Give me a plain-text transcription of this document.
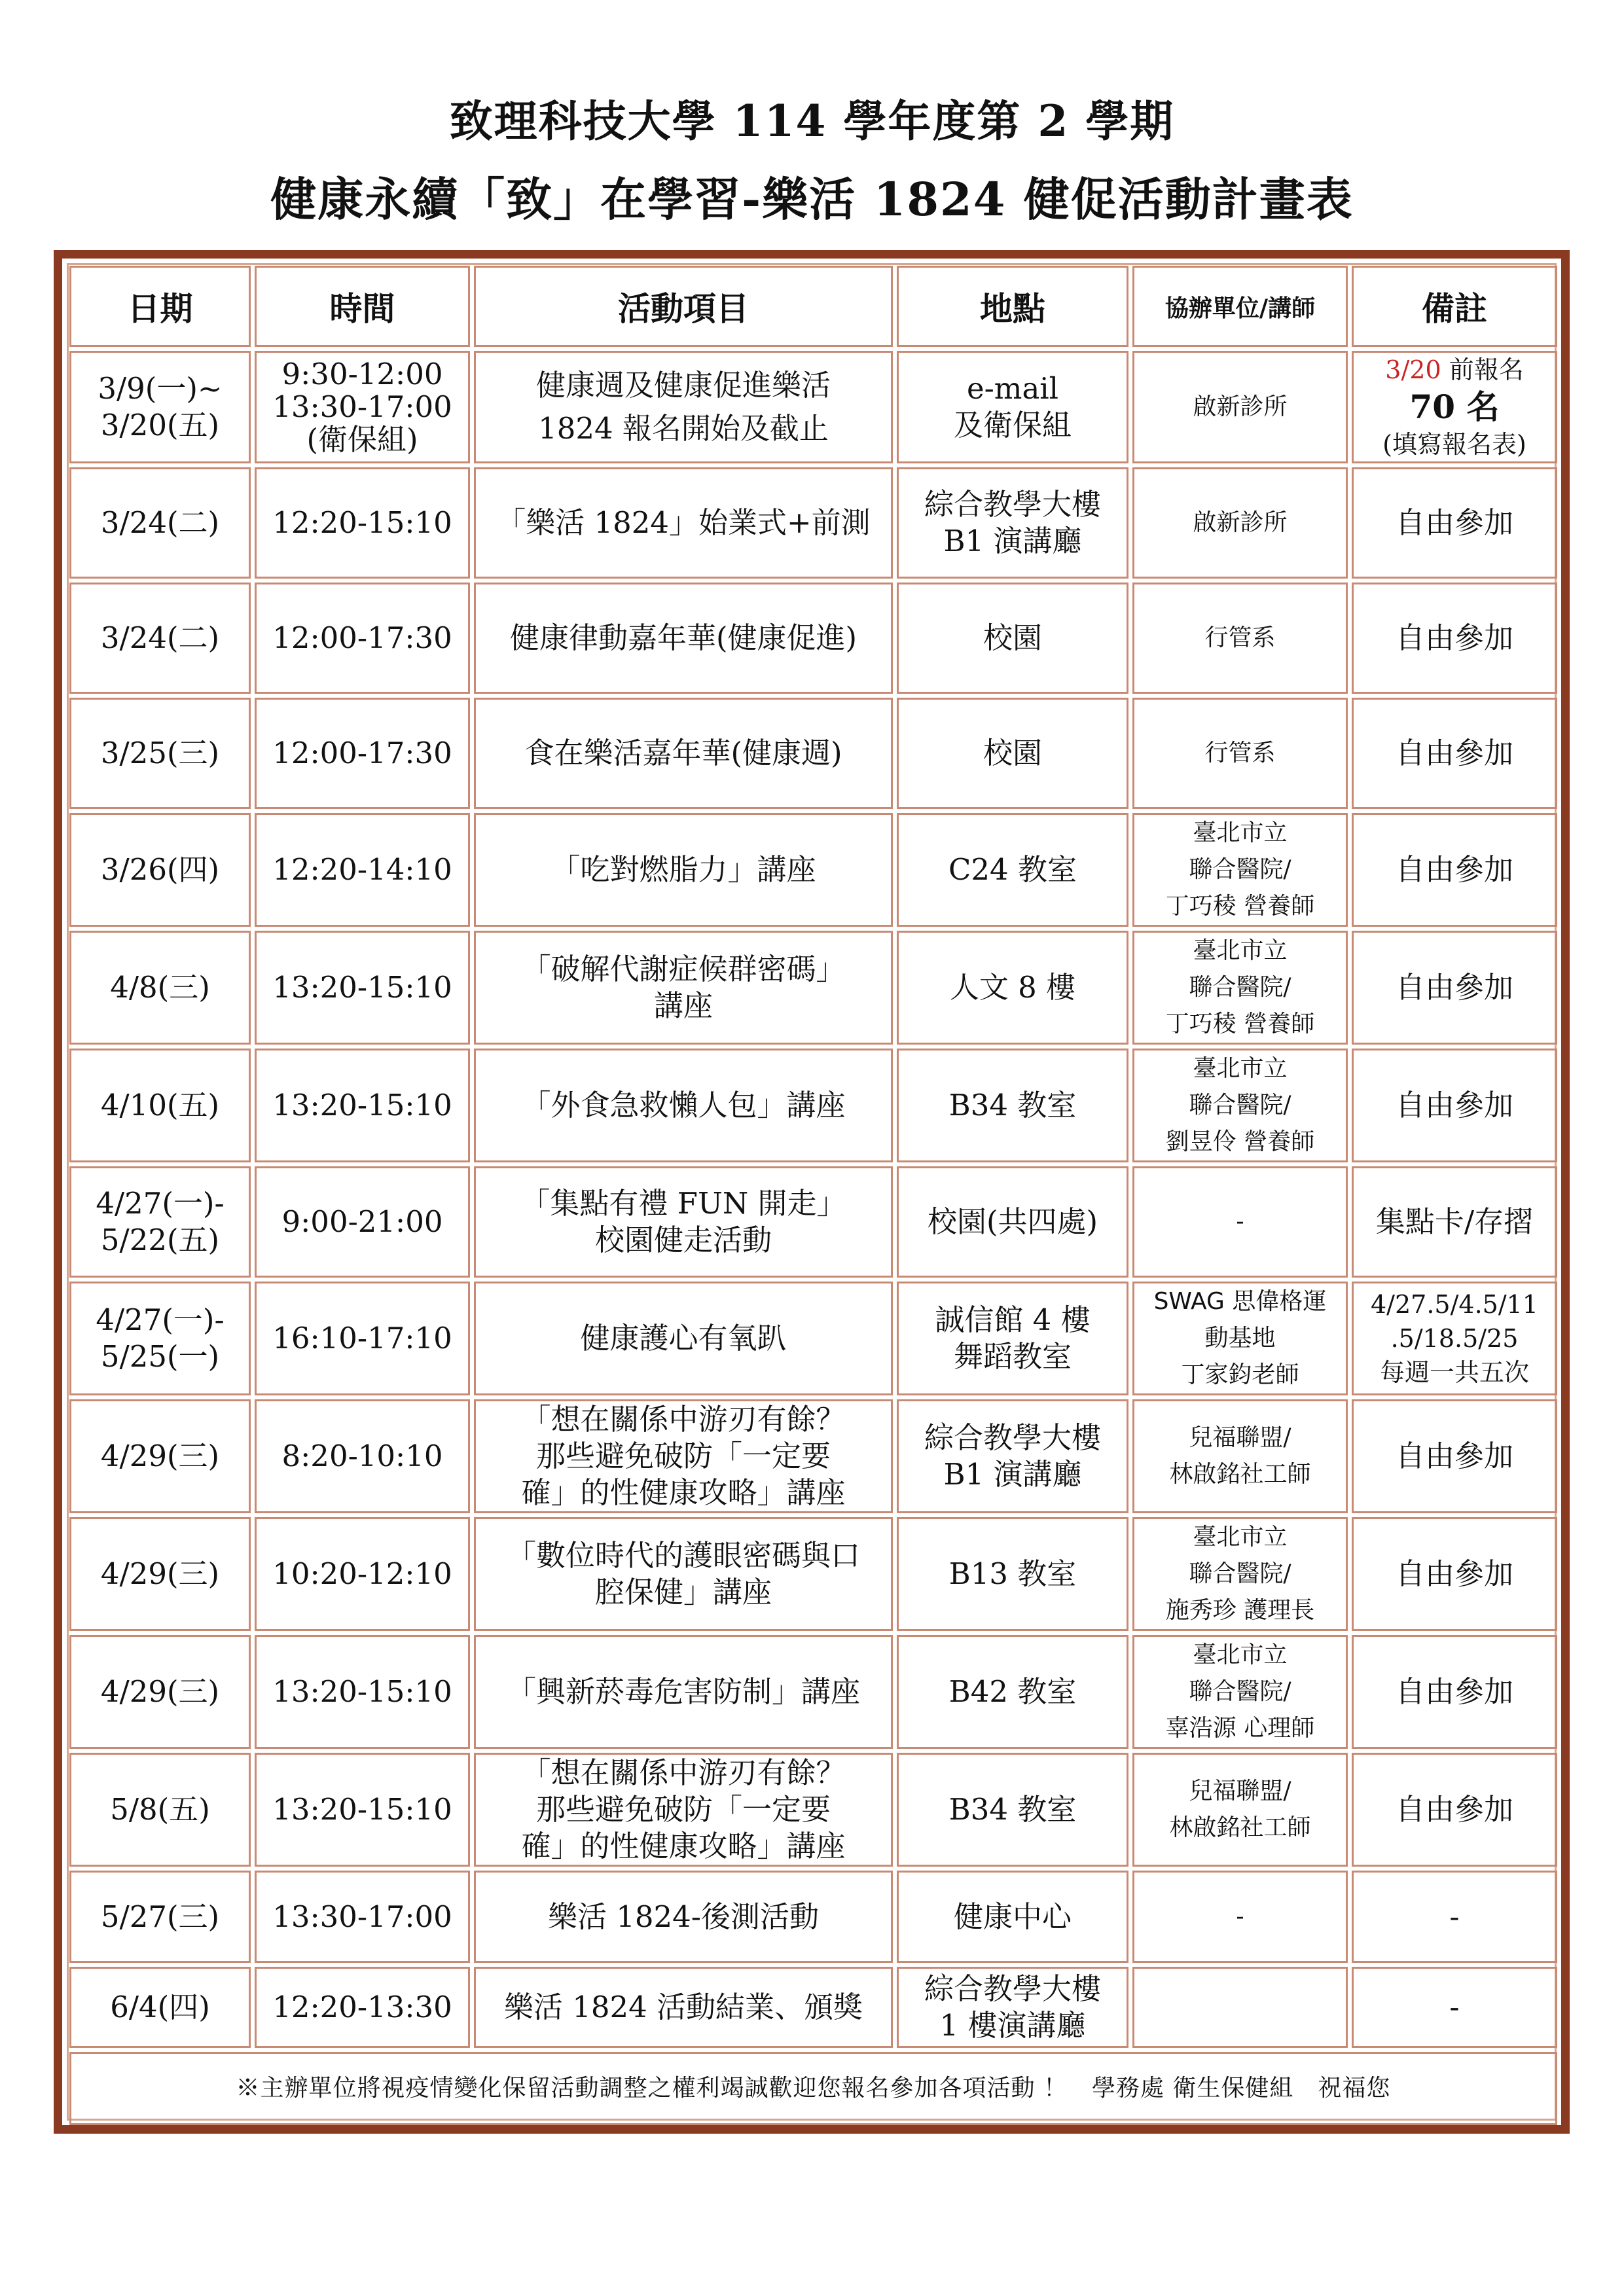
致理科技大學 114 學年度第 2 學期
健康永續「致」在學習-樂活 1824 健促活動計畫表
日期	時間	活動項目	地點	協辦單位/講師	備註

3/9(一)~
3/20(五)	9:30-12:00
13:30-17:00
(衛保組)	健康週及健康促進樂活
1824 報名開始及截止	e-mail
及衛保組	啟新診所	3/20 前報名
70 名
(填寫報名表)

3/24(二)	12:20-15:10	「樂活 1824」始業式+前測	綜合教學大樓
B1 演講廳	啟新診所	自由參加

3/24(二)	12:00-17:30	健康律動嘉年華(健康促進)	校園	行管系	自由參加

3/25(三)	12:00-17:30	食在樂活嘉年華(健康週)	校園	行管系	自由參加

3/26(四)	12:20-14:10	「吃對燃脂力」講座	C24 教室	臺北市立
聯合醫院/
丁巧稜 營養師	自由參加

4/8(三)	13:20-15:10	「破解代謝症候群密碼」
講座	人文 8 樓	臺北市立
聯合醫院/
丁巧稜 營養師	自由參加

4/10(五)	13:20-15:10	「外食急救懶人包」講座	B34 教室	臺北市立
聯合醫院/
劉昱伶 營養師	自由參加

4/27(一)-
5/22(五)	9:00-21:00	「集點有禮 FUN 開走」
校園健走活動	校園(共四處)	-	集點卡/存摺

4/27(一)-
5/25(一)	16:10-17:10	健康護心有氧趴	誠信館 4 樓
舞蹈教室	SWAG 思偉格運
動基地
丁家鈞老師	4/27.5/4.5/11
.5/18.5/25
每週一共五次

4/29(三)	8:20-10:10	「想在關係中游刃有餘？
那些避免破防「一定要
確」的性健康攻略」講座	綜合教學大樓
B1 演講廳	兒福聯盟/
林啟銘社工師	自由參加

4/29(三)	10:20-12:10	「數位時代的護眼密碼與口
腔保健」講座	B13 教室	臺北市立
聯合醫院/
施秀珍 護理長	自由參加

4/29(三)	13:20-15:10	「興新菸毒危害防制」講座	B42 教室	臺北市立
聯合醫院/
辜浩源 心理師	自由參加

5/8(五)	13:20-15:10	「想在關係中游刃有餘？
那些避免破防「一定要
確」的性健康攻略」講座	B34 教室	兒福聯盟/
林啟銘社工師	自由參加

5/27(三)	13:30-17:00	樂活 1824-後測活動	健康中心	-	-

6/4(四)	12:20-13:30	樂活 1824 活動結業、頒獎	綜合教學大樓
1 樓演講廳		-

※主辦單位將視疫情變化保留活動調整之權利竭誠歡迎您報名參加各項活動 ！　學務處 衛生保健組　祝福您					
